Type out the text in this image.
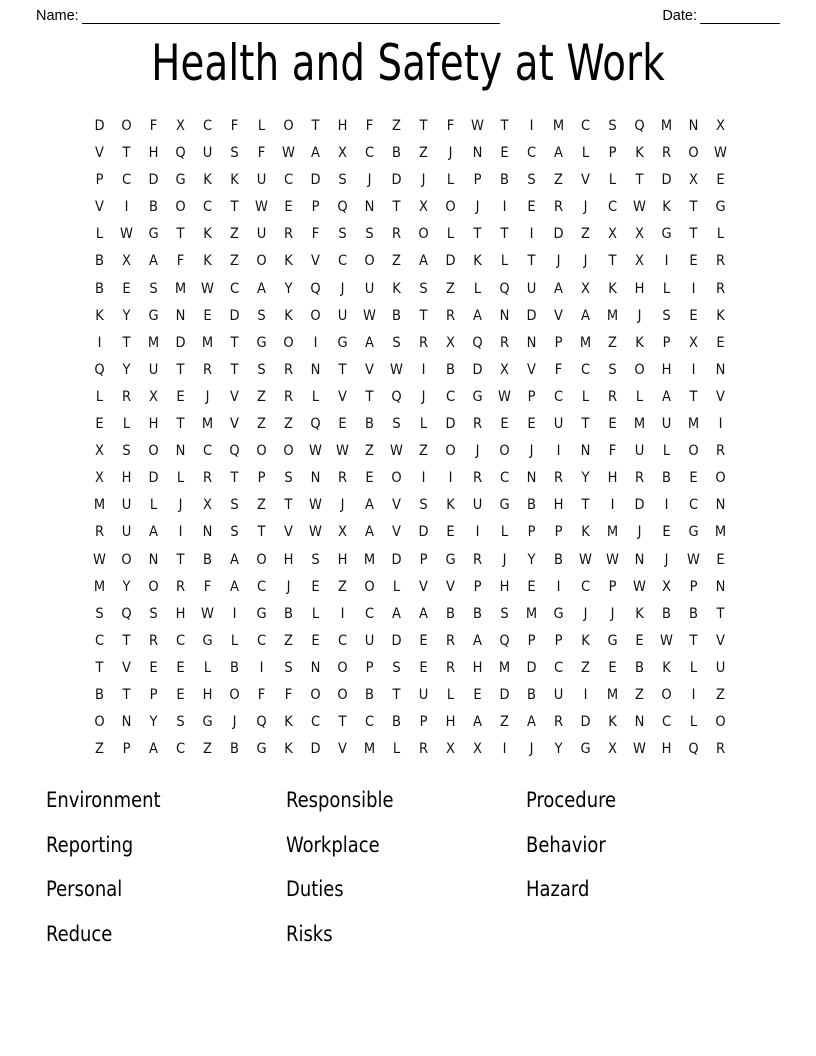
Name:	Date:
Health and Safety at Work
D	O	F	X	C	F	L	O	T	H	F	Z	T	F	W	T	I	M	C	S	Q	M	N	X
V	T	H	Q	U	S	F	W	A	X	C	B	Z	J	N	E	C	A	L	P	K	R	O	W
P	C	D	G	K	K	U	C	D	S	J	D	J	L	P	B	S	Z	V	L	T	D	X	E
V	I	B	O	C	T	W	E	P	Q	N	T	X	O	J	I	E	R	J	C	W	K	T	G
L	W	G	T	K	Z	U	R	F	S	S	R	O	L	T	T	I	D	Z	X	X	G	T	L
B	X	A	F	K	Z	O	K	V	C	O	Z	A	D	K	L	T	J	J	T	X	I	E	R
B	E	S	M	W	C	A	Y	Q	J	U	K	S	Z	L	Q	U	A	X	K	H	L	I	R
K	Y	G	N	E	D	S	K	O	U	W	B	T	R	A	N	D	V	A	M	J	S	E	K
I	T	M	D	M	T	G	O	I	G	A	S	R	X	Q	R	N	P	M	Z	K	P	X	E
Q	Y	U	T	R	T	S	R	N	T	V	W	I	B	D	X	V	F	C	S	O	H	I	N
L	R	X	E	J	V	Z	R	L	V	T	Q	J	C	G	W	P	C	L	R	L	A	T	V
E	L	H	T	M	V	Z	Z	Q	E	B	S	L	D	R	E	E	U	T	E	M	U	M	I
X	S	O	N	C	Q	O	O	W W	Z	W	Z	O	J	O	J	I	N	F	U	L	O	R
X	H	D	L	R	T	P	S	N	R	E	O	I	I	R	C	N	R	Y	H	R	B	E	O
M	U	L	J	X	S	Z	T	W	J	A	V	S	K	U	G	B	H	T	I	D	I	C	N
R	U	A	I	N	S	T	V	W	X	A	V	D	E	I	L	P	P	K	M	J	E	G	M
W	O	N	T	B	A	O	H	S	H	M	D	P	G	R	J	Y	B	W W	N	J	W	E
M	Y	O	R	F	A	C	J	E	Z	O	L	V	V	P	H	E	I	C	P	W	X	P	N
S	Q	S	H	W	I	G	B	L	I	C	A	A	B	B	S	M	G	J	J	K	B	B	T
C	T	R	C	G	L	C	Z	E	C	U	D	E	R	A	Q	P	P	K	G	E	W	T	V
T	V	E	E	L	B	I	S	N	O	P	S	E	R	H	M	D	C	Z	E	B	K	L	U
B	T	P	E	H	O	F	F	O	O	B	T	U	L	E	D	B	U	I	M	Z	O	I	Z
O	N	Y	S	G	J	Q	K	C	T	C	B	P	H	A	Z	A	R	D	K	N	C	L	O
Z	P	A	C	Z	B	G	K	D	V	M	L	R	X	X	I	J	Y	G	X	W	H	Q	R
Environment	Responsible	Procedure
Reporting	Workplace	Behavior
Personal	Duties	Hazard
Reduce	Risks
